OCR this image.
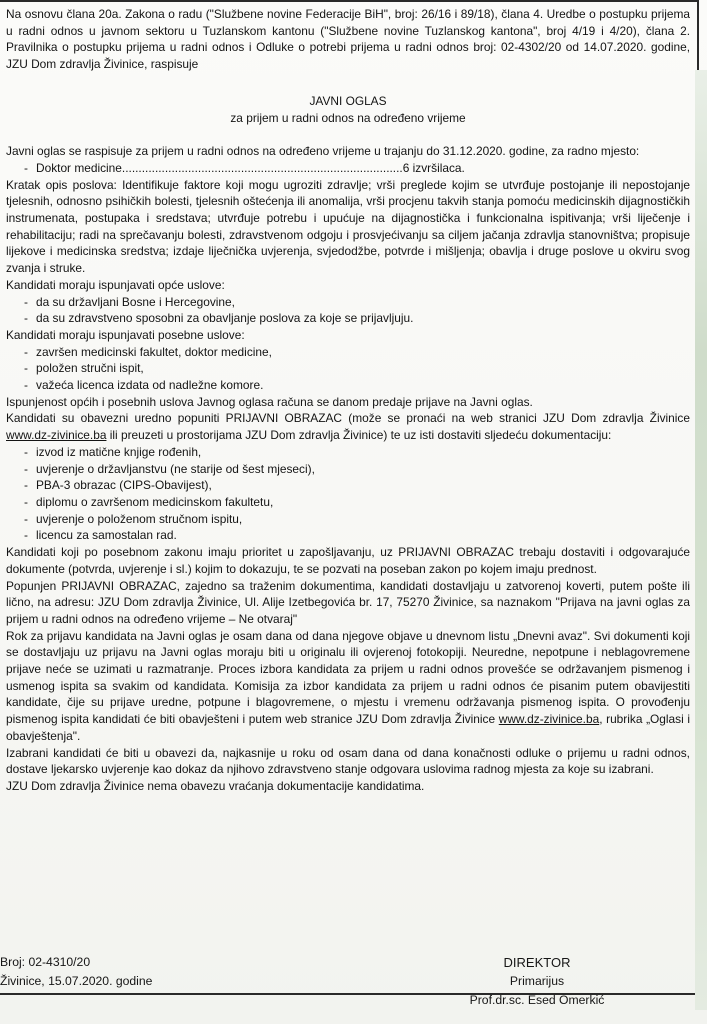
Na osnovu člana 20a. Zakona o radu ("Službene novine Federacije BiH", broj: 26/16 i 89/18), člana 4. Uredbe o postupku prijema u radni odnos u javnom sektoru u Tuzlanskom kantonu ("Službene novine Tuzlanskog kantona", broj 4/19 i 4/20), člana 2. Pravilnika o postupku prijema u radni odnos i Odluke o potrebi prijema u radni odnos broj: 02-4302/20 od 14.07.2020. godine, JZU Dom zdravlja Živinice, raspisuje

JAVNI OGLAS

za prijem u radni odnos na određeno vrijeme

Javni oglas se raspisuje za prijem u radni odnos na određeno vrijeme u trajanju do 31.12.2020. godine, za radno mjesto:

- Doktor medicine.....................................................................................6 izvršilaca.

Kratak opis poslova: Identifikuje faktore koji mogu ugroziti zdravlje; vrši preglede kojim se utvrđuje postojanje ili nepostojanje tjelesnih, odnosno psihičkih bolesti, tjelesnih oštećenja ili anomalija, vrši procjenu takvih stanja pomoću medicinskih dijagnostičkih instrumenata, postupaka i sredstava; utvrđuje potrebu i upućuje na dijagnostička i funkcionalna ispitivanja; vrši liječenje i rehabilitaciju; radi na sprečavanju bolesti, zdravstvenom odgoju i prosvjećivanju sa ciljem jačanja zdravlja stanovništva; propisuje lijekove i medicinska sredstva; izdaje liječnička uvjerenja, svjedodžbe, potvrde i mišljenja; obavlja i druge poslove u okviru svog zvanja i struke.

Kandidati moraju ispunjavati opće uslove:

- da su državljani Bosne i Hercegovine,
- da su zdravstveno sposobni za obavljanje poslova za koje se prijavljuju.

Kandidati moraju ispunjavati posebne uslove:

- završen medicinski fakultet, doktor medicine,
- položen stručni ispit,
- važeća licenca izdata od nadležne komore.

Ispunjenost općih i posebnih uslova Javnog oglasa računa se danom predaje prijave na Javni oglas.

Kandidati su obavezni uredno popuniti PRIJAVNI OBRAZAC (može se pronaći na web stranici JZU Dom zdravlja Živinice www.dz-zivinice.ba ili preuzeti u prostorijama JZU Dom zdravlja Živinice) te uz isti dostaviti sljedeću dokumentaciju:

- izvod iz matične knjige rođenih,
- uvjerenje o državljanstvu (ne starije od šest mjeseci),
- PBA-3 obrazac (CIPS-Obavijest),
- diplomu o završenom medicinskom fakultetu,
- uvjerenje o položenom stručnom ispitu,
- licencu za samostalan rad.

Kandidati koji po posebnom zakonu imaju prioritet u zapošljavanju, uz PRIJAVNI OBRAZAC trebaju dostaviti i odgovarajuće dokumente (potvrda, uvjerenje i sl.) kojim to dokazuju, te se pozvati na poseban zakon po kojem imaju prednost.

Popunjen PRIJAVNI OBRAZAC, zajedno sa traženim dokumentima, kandidati dostavljaju u zatvorenoj koverti, putem pošte ili lično, na adresu: JZU Dom zdravlja Živinice, Ul. Alije Izetbegovića br. 17, 75270 Živinice, sa naznakom "Prijava na javni oglas za prijem u radni odnos na određeno vrijeme – Ne otvaraj"

Rok za prijavu kandidata na Javni oglas je osam dana od dana njegove objave u dnevnom listu „Dnevni avaz". Svi dokumenti koji se dostavljaju uz prijavu na Javni oglas moraju biti u originalu ili ovjerenoj fotokopiji. Neuredne, nepotpune i neblagovremene prijave neće se uzimati u razmatranje. Proces izbora kandidata za prijem u radni odnos provešće se održavanjem pismenog i usmenog ispita sa svakim od kandidata. Komisija za izbor kandidata za prijem u radni odnos će pisanim putem obavijestiti kandidate, čije su prijave uredne, potpune i blagovremene, o mjestu i vremenu održavanja pismenog ispita. O provođenju pismenog ispita kandidati će biti obavješteni i putem web stranice JZU Dom zdravlja Živinice www.dz-zivinice.ba, rubrika „Oglasi i obavještenja".

Izabrani kandidati će biti u obavezi da, najkasnije u roku od osam dana od dana konačnosti odluke o prijemu u radni odnos, dostave ljekarsko uvjerenje kao dokaz da njihovo zdravstveno stanje odgovara uslovima radnog mjesta za koje su izabrani.

JZU Dom zdravlja Živinice nema obavezu vraćanja dokumentacije kandidatima.

Broj: 02-4310/20
Živinice, 15.07.2020. godine
DIREKTOR
Primarijus
Prof.dr.sc. Esed Omerkić
